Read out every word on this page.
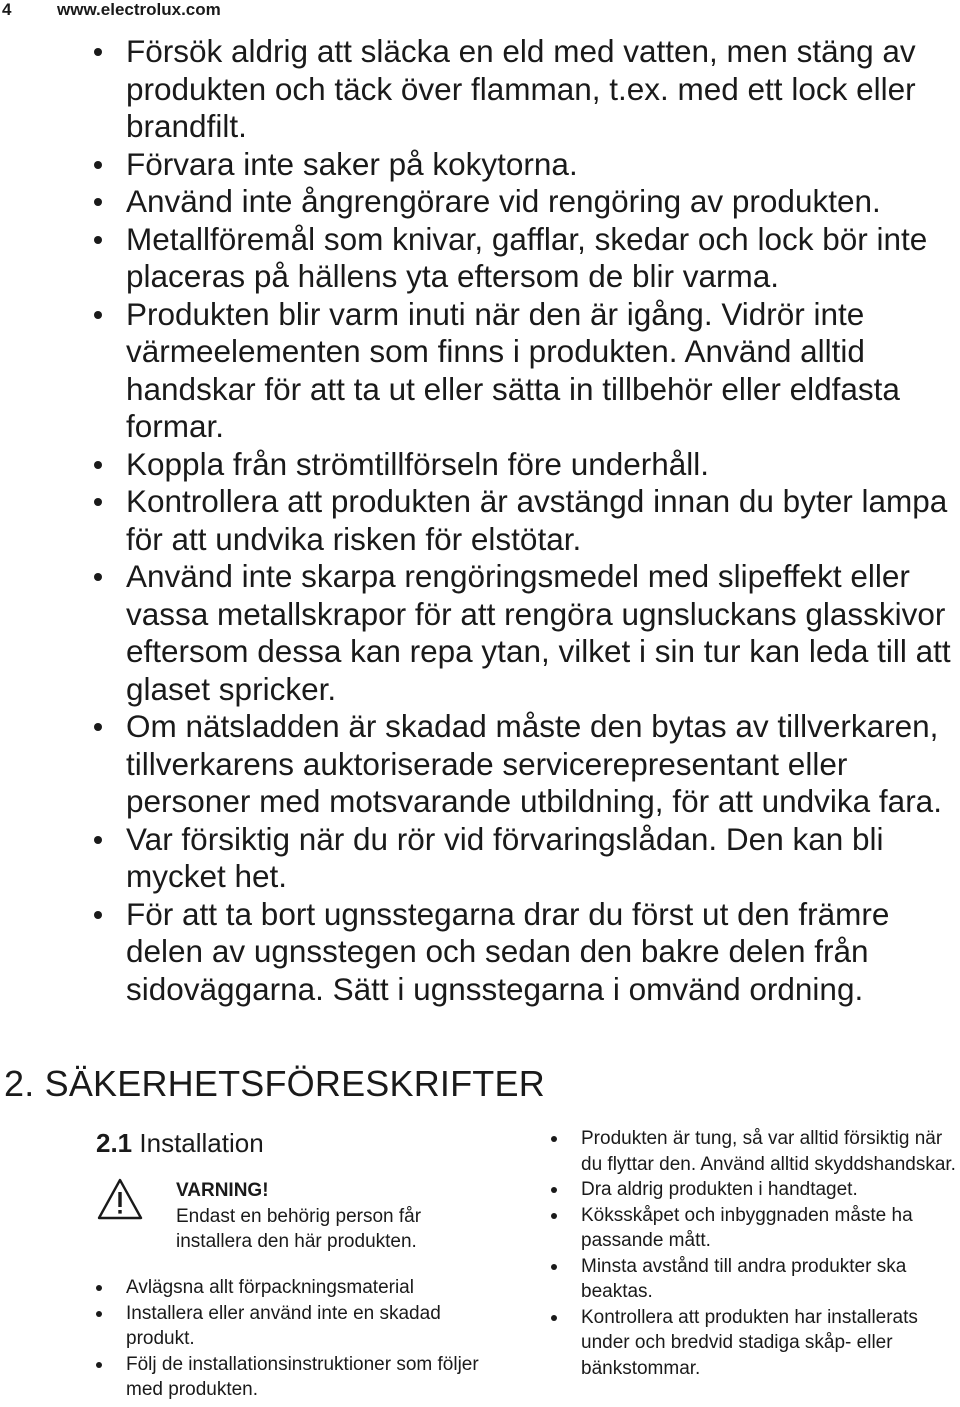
4	www.electrolux.com
Försök aldrig att släcka en eld med vatten, men stäng av produkten och täck över flamman, t.ex. med ett lock eller brandfilt.
Förvara inte saker på kokytorna.
Använd inte ångrengörare vid rengöring av produkten.
Metallföremål som knivar, gafflar, skedar och lock bör inte placeras på hällens yta eftersom de blir varma.
Produkten blir varm inuti när den är igång. Vidrör inte värmeelementen som finns i produkten. Använd alltid handskar för att ta ut eller sätta in tillbehör eller eldfasta formar.
Koppla från strömtillförseln före underhåll.
Kontrollera att produkten är avstängd innan du byter lampa för att undvika risken för elstötar.
Använd inte skarpa rengöringsmedel med slipeffekt eller vassa metallskrapor för att rengöra ugnsluckans glasskivor eftersom dessa kan repa ytan, vilket i sin tur kan leda till att glaset spricker.
Om nätsladden är skadad måste den bytas av tillverkaren, tillverkarens auktoriserade servicerepresentant eller personer med motsvarande utbildning, för att undvika fara.
Var försiktig när du rör vid förvaringslådan. Den kan bli mycket het.
För att ta bort ugnsstegarna drar du först ut den främre delen av ugnsstegen och sedan den bakre delen från sidoväggarna. Sätt i ugnsstegarna i omvänd ordning.
2. SÄKERHETSFÖRESKRIFTER
2.1 Installation
VARNING!
Endast en behörig person får installera den här produkten.
Avlägsna allt förpackningsmaterial
Installera eller använd inte en skadad produkt.
Följ de installationsinstruktioner som följer med produkten.
Produkten är tung, så var alltid försiktig när du flyttar den. Använd alltid skyddshandskar.
Dra aldrig produkten i handtaget.
Köksskåpet och inbyggnaden måste ha passande mått.
Minsta avstånd till andra produkter ska beaktas.
Kontrollera att produkten har installerats under och bredvid stadiga skåp- eller bänkstommar.
